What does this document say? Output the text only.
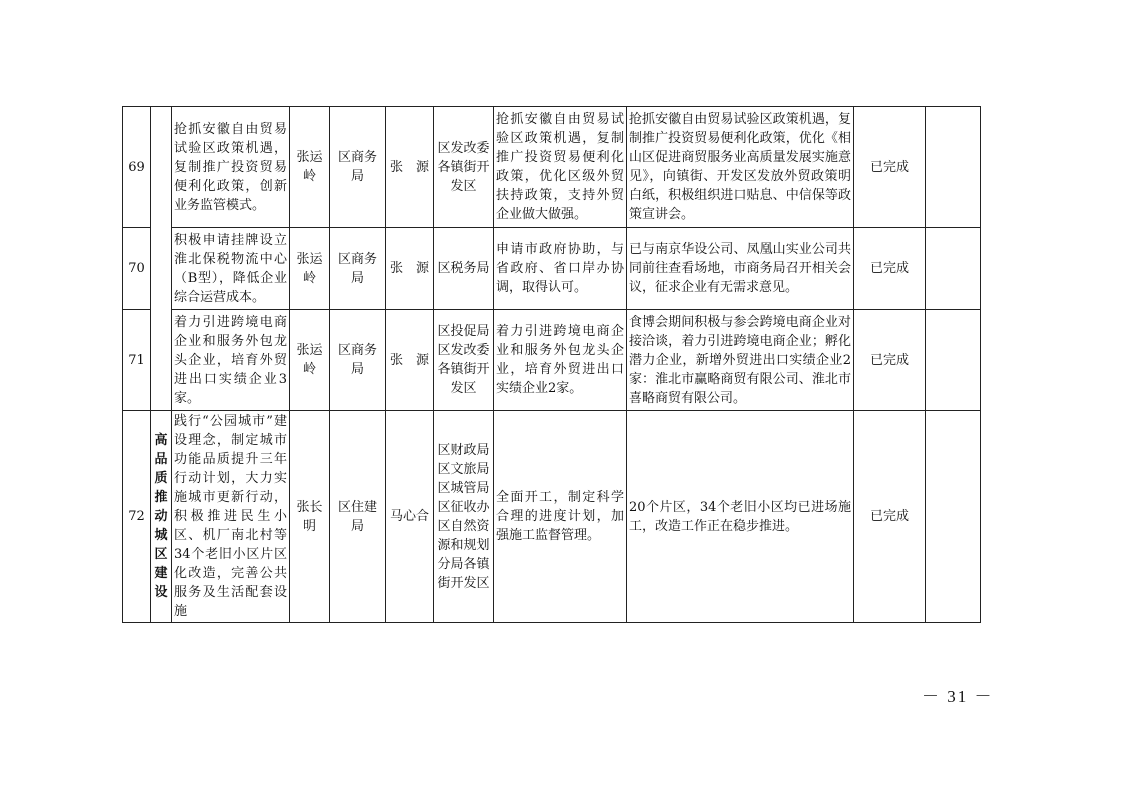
69		抢抓安徽自由贸易试验区政策机遇，复制推广投资贸易便利化政策，创新业务监管模式。	张运岭	区商务局	张　源	区发改委各镇街开发区	抢抓安徽自由贸易试验区政策机遇，复制推广投资贸易便利化政策，优化区级外贸扶持政策，支持外贸企业做大做强。	抢抓安徽自由贸易试验区政策机遇，复制推广投资贸易便利化政策，优化《相山区促进商贸服务业高质量发展实施意见》，向镇街、开发区发放外贸政策明白纸，积极组织进口贴息、中信保等政策宣讲会。	已完成	
70		积极申请挂牌设立淮北保税物流中心（B型），降低企业综合运营成本。	张运岭	区商务局	张　源	区税务局	申请市政府协助，与省政府、省口岸办协调，取得认可。	已与南京华设公司、凤凰山实业公司共同前往查看场地，市商务局召开相关会议，征求企业有无需求意见。	已完成	
71		着力引进跨境电商企业和服务外包龙头企业，培育外贸进出口实绩企业3家。	张运岭	区商务局	张　源	区投促局区发改委各镇街开发区	着力引进跨境电商企业和服务外包龙头企业，培育外贸进出口实绩企业2家。	食博会期间积极与参会跨境电商企业对接洽谈，着力引进跨境电商企业；孵化潜力企业，新增外贸进出口实绩企业2家：淮北市赢略商贸有限公司、淮北市喜略商贸有限公司。	已完成	
72	高品质推动城区建设	践行“公园城市”建设理念，制定城市功能品质提升三年行动计划，大力实施城市更新行动，积极推进民生小区、机厂南北村等34个老旧小区片区化改造，完善公共服务及生活配套设施	张长明	区住建局	马心合	区财政局区文旅局区城管局区征收办区自然资源和规划分局各镇街开发区	全面开工，制定科学合理的进度计划，加强施工监督管理。	20个片区，34个老旧小区均已进场施工，改造工作正在稳步推进。	已完成	
－ 31 －
